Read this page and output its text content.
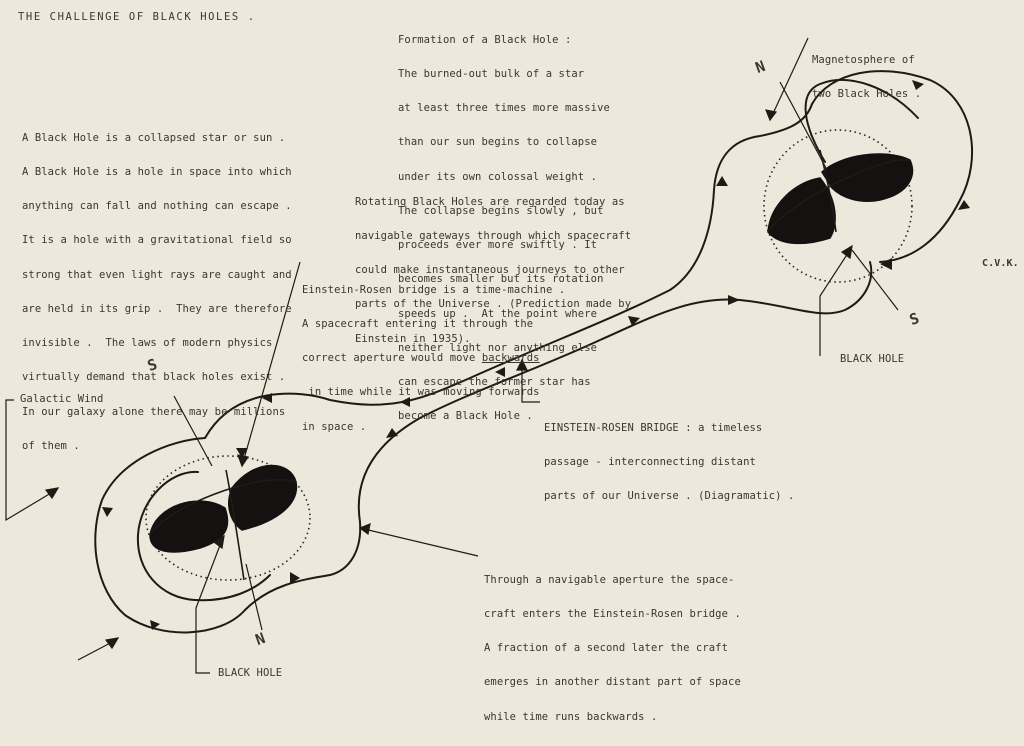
THE CHALLENGE OF BLACK HOLES .

A Black Hole is a collapsed star or sun .

A Black Hole is a hole in space into which

anything can fall and nothing can escape .

It is a hole with a gravitational field so

strong that even light rays are caught and

are held in its grip .  They are therefore

invisible .  The laws of modern physics

virtually demand that black holes exist .

In our galaxy alone there may be millions

of them .

Formation of a Black Hole :

The burned-out bulk of a star

at least three times more massive

than our sun begins to collapse

under its own colossal weight .

The collapse begins slowly , but

proceeds ever more swiftly . It

becomes smaller but its rotation

speeds up .  At the point where

neither light nor anything else

can escape the former star has

become a Black Hole .

Rotating Black Holes are regarded today as

navigable gateways through which spacecraft

could make instantaneous journeys to other

parts of the Universe . (Prediction made by

Einstein in 1935).

Magnetosphere of

two Black Holes .

C.V.K.

Einstein-Rosen bridge is a time-machine .

A spacecraft entering it through the

correct aperture would move backwards

in time while it was moving forwards

in space .

	EINSTEIN-ROSEN BRIDGE : a timeless

passage - interconnecting distant

parts of our Universe . (Diagramatic) .

Through a navigable aperture the space-

craft enters the Einstein-Rosen bridge .

A fraction of a second later the craft

emerges in another distant part of space

while time runs backwards .

Galactic Wind
BLACK HOLE
BLACK HOLE
N
S
S
N
